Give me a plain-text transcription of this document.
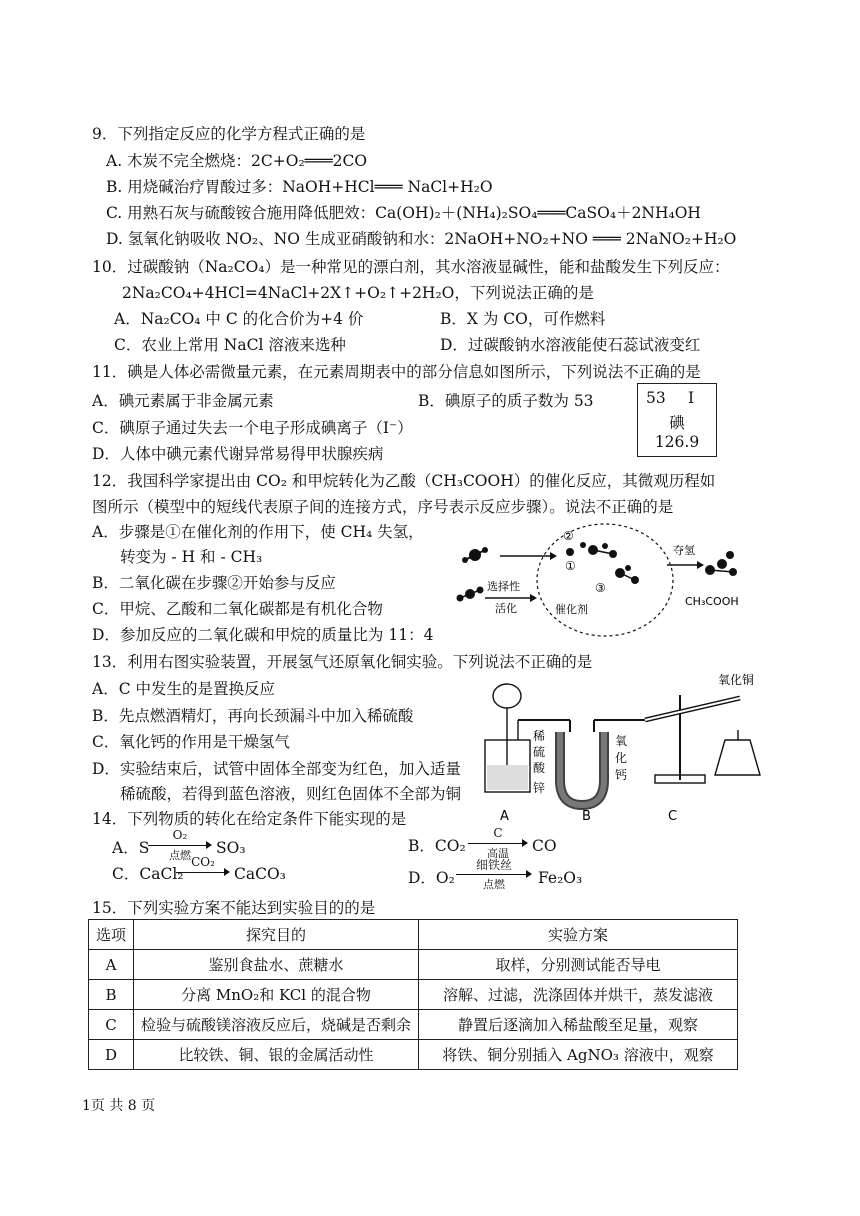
9．下列指定反应的化学方程式正确的是
A. 木炭不完全燃烧：2C+O₂═══2CO
B. 用烧碱治疗胃酸过多：NaOH+HCl═══ NaCl+H₂O
C. 用熟石灰与硫酸铵合施用降低肥效：Ca(OH)₂＋(NH₄)₂SO₄═══CaSO₄＋2NH₄OH
D. 氢氧化钠吸收 NO₂、NO 生成亚硝酸钠和水：2NaOH+NO₂+NO ═══ 2NaNO₂+H₂O
10．过碳酸钠（Na₂CO₄）是一种常见的漂白剂，其水溶液显碱性，能和盐酸发生下列反应：
2Na₂CO₄+4HCl=4NaCl+2X↑+O₂↑+2H₂O，下列说法正确的是
A．Na₂CO₄ 中 C 的化合价为+4 价	B．X 为 CO，可作燃料
C．农业上常用 NaCl 溶液来选种	D．过碳酸钠水溶液能使石蕊试液变红
11．碘是人体必需微量元素，在元素周期表中的部分信息如图所示，下列说法不正确的是
A．碘元素属于非金属元素	B．碘原子的质子数为 53
C．碘原子通过失去一个电子形成碘离子（I⁻）
D．人体中碘元素代谢异常易得甲状腺疾病
53 I
碘
126.9
12．我国科学家提出由 CO₂ 和甲烷转化为乙酸（CH₃COOH）的催化反应，其微观历程如
图所示（模型中的短线代表原子间的连接方式，序号表示反应步骤）。说法不正确的是
A．步骤是①在催化剂的作用下，使 CH₄ 失氢，
转变为 - H 和 - CH₃
B．二氧化碳在步骤②开始参与反应
C．甲烷、乙酸和二氧化碳都是有机化合物
D．参加反应的二氧化碳和甲烷的质量比为 11：4
选择性
活化
①
②
③
催化剂
夺氢
CH₃COOH
13．利用右图实验装置，开展氢气还原氧化铜实验。下列说法不正确的是
A．C 中发生的是置换反应
B．先点燃酒精灯，再向长颈漏斗中加入稀硫酸
C．氧化钙的作用是干燥氢气
D．实验结束后，试管中固体全部变为红色，加入适量
稀硫酸，若得到蓝色溶液，则红色固体不全部为铜
稀
硫
酸
锌
氧
化
钙
氧化铜
A	B	C
14．下列物质的转化在给定条件下能实现的是
A．S
O₂
点燃	SO₃	B．CO₂
C
高温	CO
C．CaCl₂
CO₂
CaCO₃	D．O₂
细铁丝
点燃	Fe₂O₃
15．下列实验方案不能达到实验目的的是
选项	探究目的	实验方案
A	鉴别食盐水、蔗糖水	取样，分别测试能否导电
B	分离 MnO₂和 KCl 的混合物	溶解、过滤，洗涤固体并烘干，蒸发滤液
C	检验与硫酸镁溶液反应后，烧碱是否剩余	静置后逐滴加入稀盐酸至足量，观察
D	比较铁、铜、银的金属活动性	将铁、铜分别插入 AgNO₃ 溶液中，观察
1页 共 8 页
